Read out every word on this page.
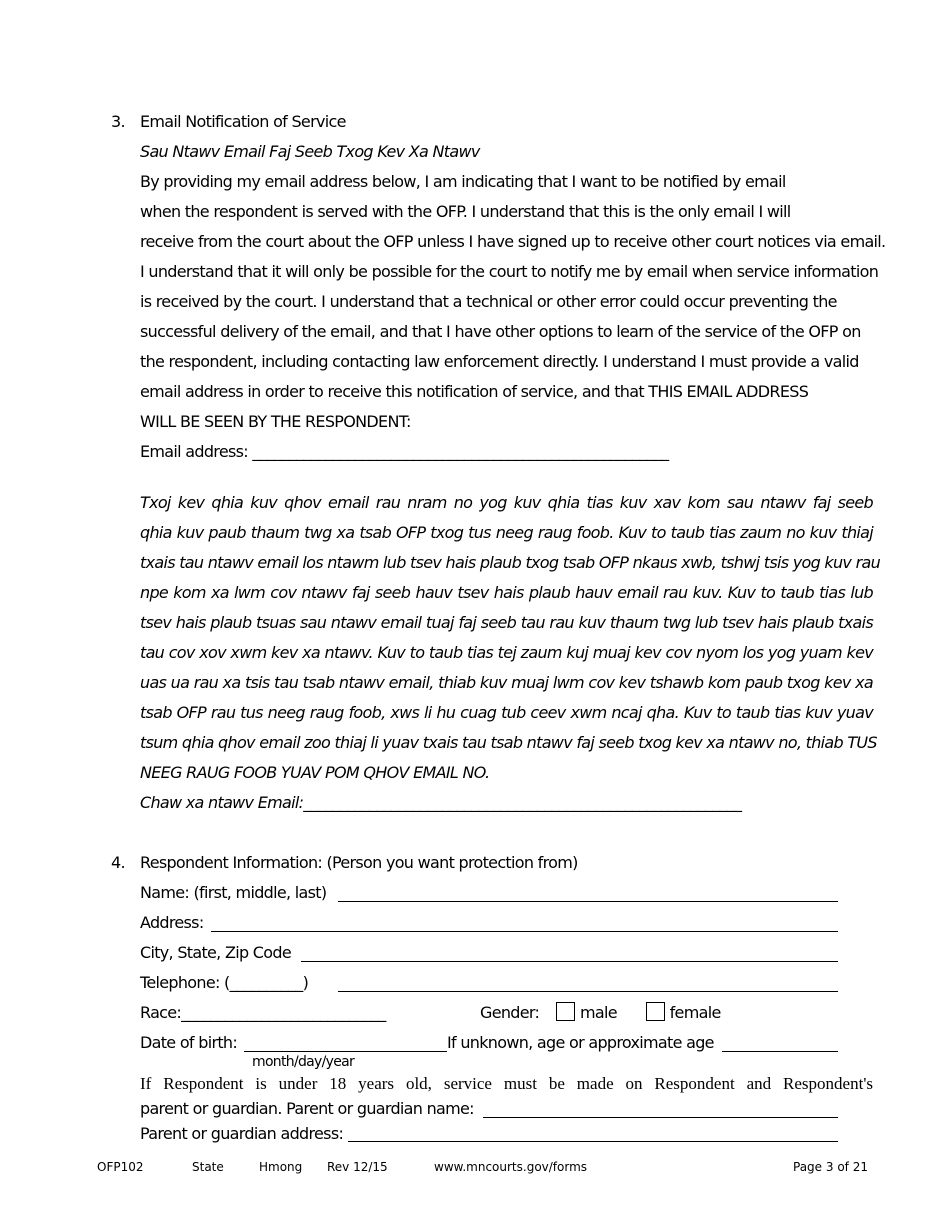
3. Email Notification of Service
Sau Ntawv Email Faj Seeb Txog Kev Xa Ntawv
By providing my email address below, I am indicating that I want to be notified by email
when the respondent is served with the OFP. I understand that this is the only email I will
receive from the court about the OFP unless I have signed up to receive other court notices via email.
I understand that it will only be possible for the court to notify me by email when service information
is received by the court. I understand that a technical or other error could occur preventing the
successful delivery of the email, and that I have other options to learn of the service of the OFP on
the respondent, including contacting law enforcement directly. I understand I must provide a valid
email address in order to receive this notification of service, and that THIS EMAIL ADDRESS
WILL BE SEEN BY THE RESPONDENT:
Email address: _________________________________________________________
Txoj kev qhia kuv qhov email rau nram no yog kuv qhia tias kuv xav kom sau ntawv faj seeb
qhia kuv paub thaum twg xa tsab OFP txog tus neeg raug foob. Kuv to taub tias zaum no kuv thiaj
txais tau ntawv email los ntawm lub tsev hais plaub txog tsab OFP nkaus xwb, tshwj tsis yog kuv rau
npe kom xa lwm cov ntawv faj seeb hauv tsev hais plaub hauv email rau kuv. Kuv to taub tias lub
tsev hais plaub tsuas sau ntawv email tuaj faj seeb tau rau kuv thaum twg lub tsev hais plaub txais
tau cov xov xwm kev xa ntawv. Kuv to taub tias tej zaum kuj muaj kev cov nyom los yog yuam kev
uas ua rau xa tsis tau tsab ntawv email, thiab kuv muaj lwm cov kev tshawb kom paub txog kev xa
tsab OFP rau tus neeg raug foob, xws li hu cuag tub ceev xwm ncaj qha. Kuv to taub tias kuv yuav
tsum qhia qhov email zoo thiaj li yuav txais tau tsab ntawv faj seeb txog kev xa ntawv no, thiab TUS
NEEG RAUG FOOB YUAV POM QHOV EMAIL NO.
Chaw xa ntawv Email:____________________________________________________________
4. Respondent Information: (Person you want protection from)
Name: (first, middle, last)
Address:
City, State, Zip Code
Telephone: (__________)
Race:____________________________	Gender:	male	female
Date of birth:	If unknown, age or approximate age
month/day/year
If Respondent is under 18 years old, service must be made on Respondent and Respondent's
parent or guardian. Parent or guardian name:
Parent or guardian address:
OFP102	State	Hmong Rev 12/15	www.mncourts.gov/forms	Page 3 of 21
